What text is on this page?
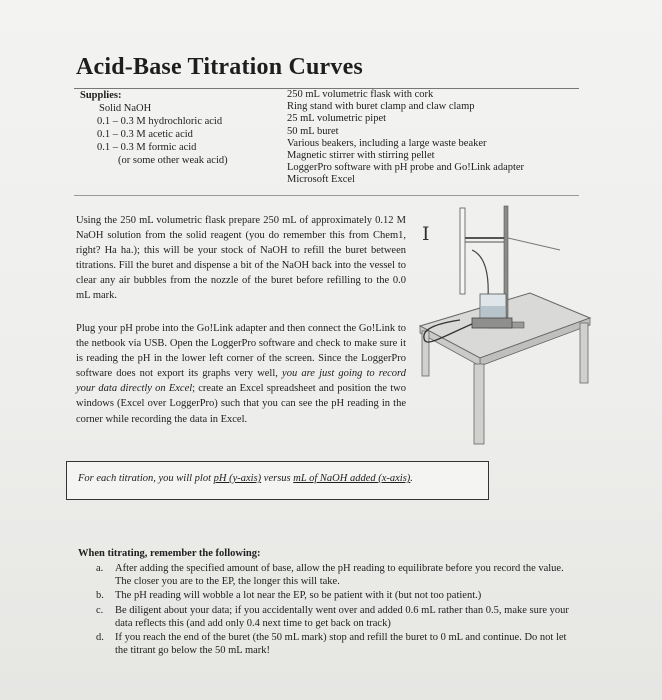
Acid-Base Titration Curves
Supplies:
Solid NaOH
0.1 – 0.3 M hydrochloric acid
0.1 – 0.3 M acetic acid
0.1 – 0.3 M formic acid
(or some other weak acid)
250 mL volumetric flask with cork
Ring stand with buret clamp and claw clamp
25 mL volumetric pipet
50 mL buret
Various beakers, including a large waste beaker
Magnetic stirrer with stirring pellet
LoggerPro software with pH probe and Go!Link adapter
Microsoft Excel
Using the 250 mL volumetric flask prepare 250 mL of approximately 0.12 M NaOH solution from the solid reagent (you do remember this from Chem1, right? Ha ha.); this will be your stock of NaOH to refill the buret between titrations. Fill the buret and dispense a bit of the NaOH back into the vessel to clear any air bubbles from the nozzle of the buret before refilling to the 0.0 mL mark.
Plug your pH probe into the Go!Link adapter and then connect the Go!Link to the netbook via USB. Open the LoggerPro software and check to make sure it is reading the pH in the lower left corner of the screen. Since the LoggerPro software does not export its graphs very well, you are just going to record your data directly on Excel; create an Excel spreadsheet and position the two windows (Excel over LoggerPro) such that you can see the pH reading in the corner while recording the data in Excel.
I
For each titration, you will plot pH (y-axis) versus mL of NaOH added (x-axis).
When titrating, remember the following:
a. After adding the specified amount of base, allow the pH reading to equilibrate before you record the value. The closer you are to the EP, the longer this will take.
b. The pH reading will wobble a lot near the EP, so be patient with it (but not too patient.)
c. Be diligent about your data; if you accidentally went over and added 0.6 mL rather than 0.5, make sure your data reflects this (and add only 0.4 next time to get back on track)
d. If you reach the end of the buret (the 50 mL mark) stop and refill the buret to 0 mL and continue. Do not let the titrant go below the 50 mL mark!
